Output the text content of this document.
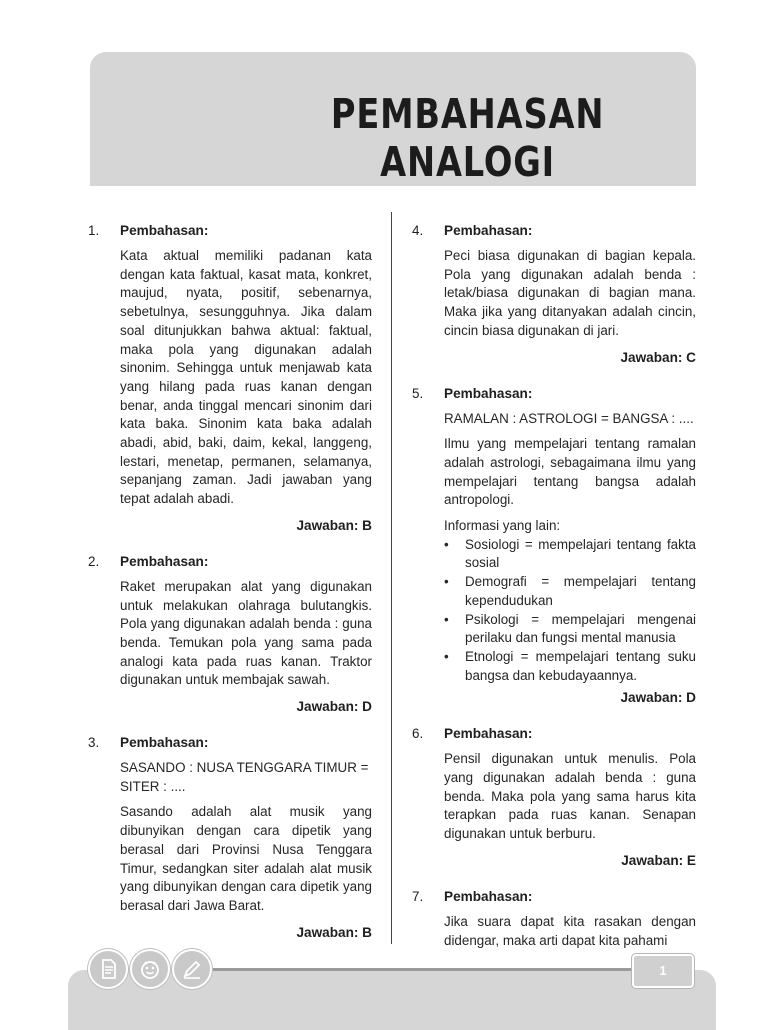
PEMBAHASAN ANALOGI
1.	Pembahasan:

Kata aktual memiliki padanan kata dengan kata faktual, kasat mata, konkret, maujud, nyata, positif, sebenarnya, sebetulnya, sesungguhnya. Jika dalam soal ditunjukkan bahwa aktual: faktual, maka pola yang digunakan adalah sinonim. Sehingga untuk menjawab kata yang hilang pada ruas kanan dengan benar, anda tinggal mencari sinonim dari kata baka. Sinonim kata baka adalah abadi, abid, baki, daim, kekal, langgeng, lestari, menetap, permanen, selamanya, sepanjang zaman. Jadi jawaban yang tepat adalah abadi.

Jawaban: B

2.	Pembahasan:

Raket merupakan alat yang digunakan untuk melakukan olahraga bulutangkis. Pola yang digunakan adalah benda : guna benda. Temukan pola yang sama pada analogi kata pada ruas kanan. Traktor digunakan untuk membajak sawah.

Jawaban: D

3.	Pembahasan:

SASANDO : NUSA TENGGARA TIMUR = SITER : ....

Sasando adalah alat musik yang dibunyikan dengan cara dipetik yang berasal dari Provinsi Nusa Tenggara Timur, sedangkan siter adalah alat musik yang dibunyikan dengan cara dipetik yang berasal dari Jawa Barat.

Jawaban: B

4.	Pembahasan:

Peci biasa digunakan di bagian kepala. Pola yang digunakan adalah benda : letak/biasa digunakan di bagian mana. Maka jika yang ditanyakan adalah cincin, cincin biasa digunakan di jari.

Jawaban: C

5.	Pembahasan:

RAMALAN : ASTROLOGI = BANGSA : ....

Ilmu yang mempelajari tentang ramalan adalah astrologi, sebagaimana ilmu yang mempelajari tentang bangsa adalah antropologi.

Informasi yang lain:

• Sosiologi = mempelajari tentang fakta sosial
• Demografi = mempelajari tentang kependudukan
• Psikologi = mempelajari mengenai perilaku dan fungsi mental manusia
• Etnologi = mempelajari tentang suku bangsa dan kebudayaannya.

Jawaban: D

6.	Pembahasan:

Pensil digunakan untuk menulis. Pola yang digunakan adalah benda : guna benda. Maka pola yang sama harus kita terapkan pada ruas kanan. Senapan digunakan untuk berburu.

Jawaban: E

7.	Pembahasan:

Jika suara dapat kita rasakan dengan didengar, maka arti dapat kita pahami

1
